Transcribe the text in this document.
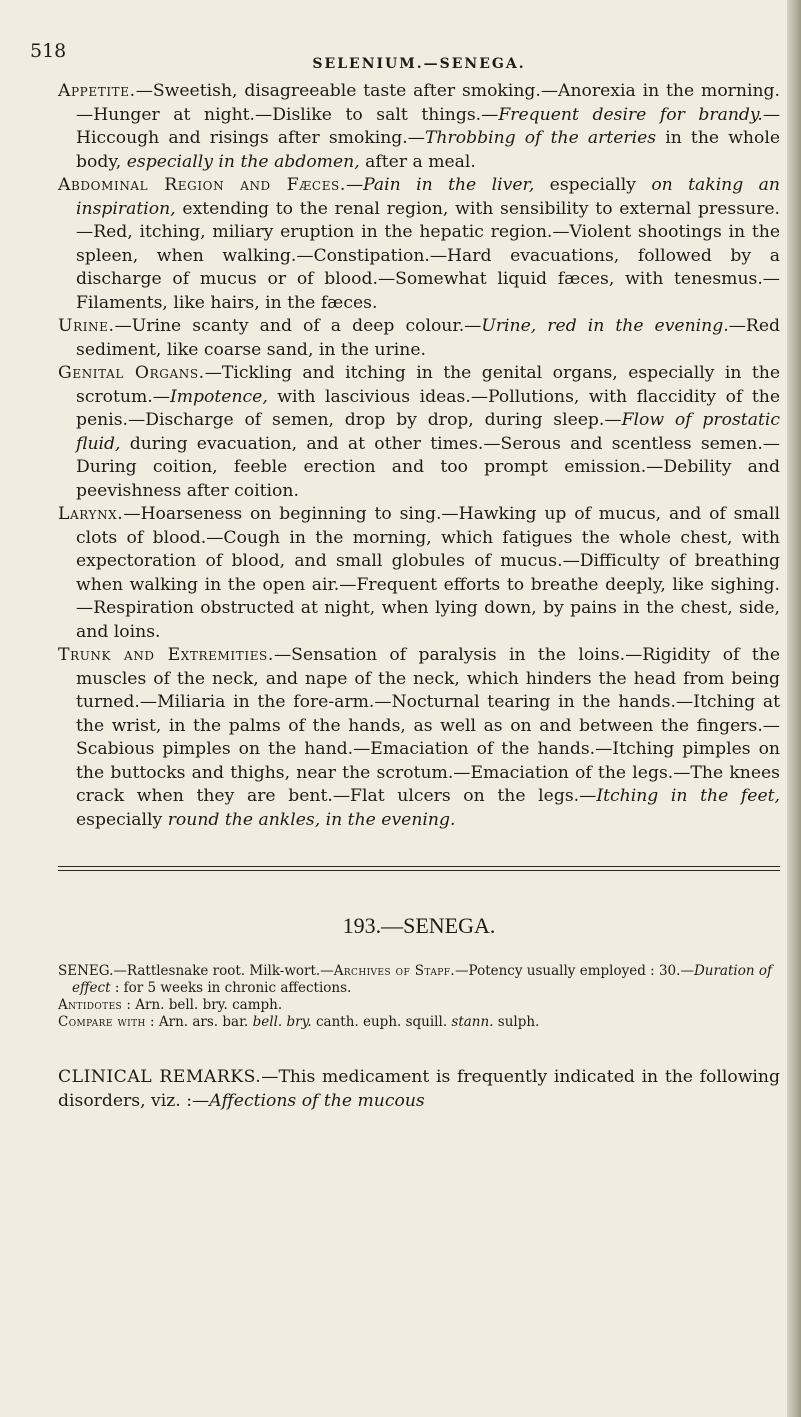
518
SELENIUM.—SENEGA.

Appetite.—Sweetish, disagreeable taste after smoking.—Anorexia in the morning.—Hunger at night.—Dislike to salt things.—Frequent desire for brandy.—Hiccough and risings after smoking.—Throbbing of the arteries in the whole body, especially in the abdomen, after a meal.

Abdominal Region and Fæces.—Pain in the liver, especially on taking an inspiration, extending to the renal region, with sensibility to external pressure.—Red, itching, miliary eruption in the hepatic region.—Violent shootings in the spleen, when walking.—Constipation.—Hard evacuations, followed by a discharge of mucus or of blood.—Somewhat liquid fæces, with tenesmus.—Filaments, like hairs, in the fæces.

Urine.—Urine scanty and of a deep colour.—Urine, red in the evening.—Red sediment, like coarse sand, in the urine.

Genital Organs.—Tickling and itching in the genital organs, especially in the scrotum.—Impotence, with lascivious ideas.—Pollutions, with flaccidity of the penis.—Discharge of semen, drop by drop, during sleep.—Flow of prostatic fluid, during evacuation, and at other times.—Serous and scentless semen.—During coition, feeble erection and too prompt emission.—Debility and peevishness after coition.

Larynx.—Hoarseness on beginning to sing.—Hawking up of mucus, and of small clots of blood.—Cough in the morning, which fatigues the whole chest, with expectoration of blood, and small globules of mucus.—Difficulty of breathing when walking in the open air.—Frequent efforts to breathe deeply, like sighing.—Respiration obstructed at night, when lying down, by pains in the chest, side, and loins.

Trunk and Extremities.—Sensation of paralysis in the loins.—Rigidity of the muscles of the neck, and nape of the neck, which hinders the head from being turned.—Miliaria in the fore-arm.—Nocturnal tearing in the hands.—Itching at the wrist, in the palms of the hands, as well as on and between the fingers.—Scabious pimples on the hand.—Emaciation of the hands.—Itching pimples on the buttocks and thighs, near the scrotum.—Emaciation of the legs.—The knees crack when they are bent.—Flat ulcers on the legs.—Itching in the feet, especially round the ankles, in the evening.

193.—SENEGA.

SENEG.—Rattlesnake root. Milk-wort.—Archives of Stapf.—Potency usually employed : 30.—Duration of effect : for 5 weeks in chronic affections.

Antidotes : Arn. bell. bry. camph.

Compare with : Arn. ars. bar. bell. bry. canth. euph. squill. stann. sulph.

CLINICAL REMARKS.—This medicament is frequently indicated in the following disorders, viz. :—Affections of the mucous
